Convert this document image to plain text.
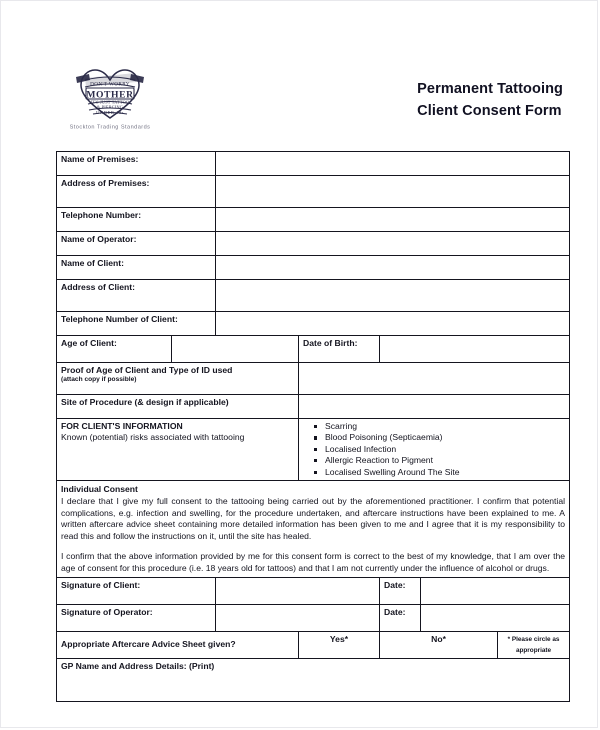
DON'T WORRY
MOTHER
IT'S JUST TATTOO
& PIERCING
UNDER 18s
Stockton Trading Standards
Permanent Tattooing
Client Consent Form
Name of Premises:						
Address of Premises:						
Telephone Number:						
Name of Operator:						
Name of Client:						
Address of Client:						
Telephone Number of Client:						
Age of Client:			Date of Birth:			

Proof of Age of Client and Type of ID used
(attach copy if possible)						

Site of Procedure (& design if applicable)						

FOR CLIENT'S INFORMATION
Known (potential) risks associated with tattooing

Scarring
Blood Poisoning (Septicaemia)
Localised Infection
Allergic Reaction to Pigment
Localised Swelling Around The Site

Individual Consent

I declare that I give my full consent to the tattooing being carried out by the aforementioned practitioner. I confirm that potential complications, e.g. infection and swelling, for the procedure undertaken, and aftercare instructions have been explained to me. A written aftercare advice sheet containing more detailed information has been given to me and I agree that it is my responsibility to read this and follow the instructions on it, until the site has healed.

I confirm that the above information provided by me for this consent form is correct to the best of my knowledge, that I am over the age of consent for this procedure (i.e. 18 years old for tattoos) and that I am not currently under the influence of alcohol or drugs.						

Signature of Client:				Date:		
Signature of Operator:				Date:		
Appropriate Aftercare Advice Sheet given?			Yes*	No*		* Please circle as appropriate
GP Name and Address Details: (Print)						
